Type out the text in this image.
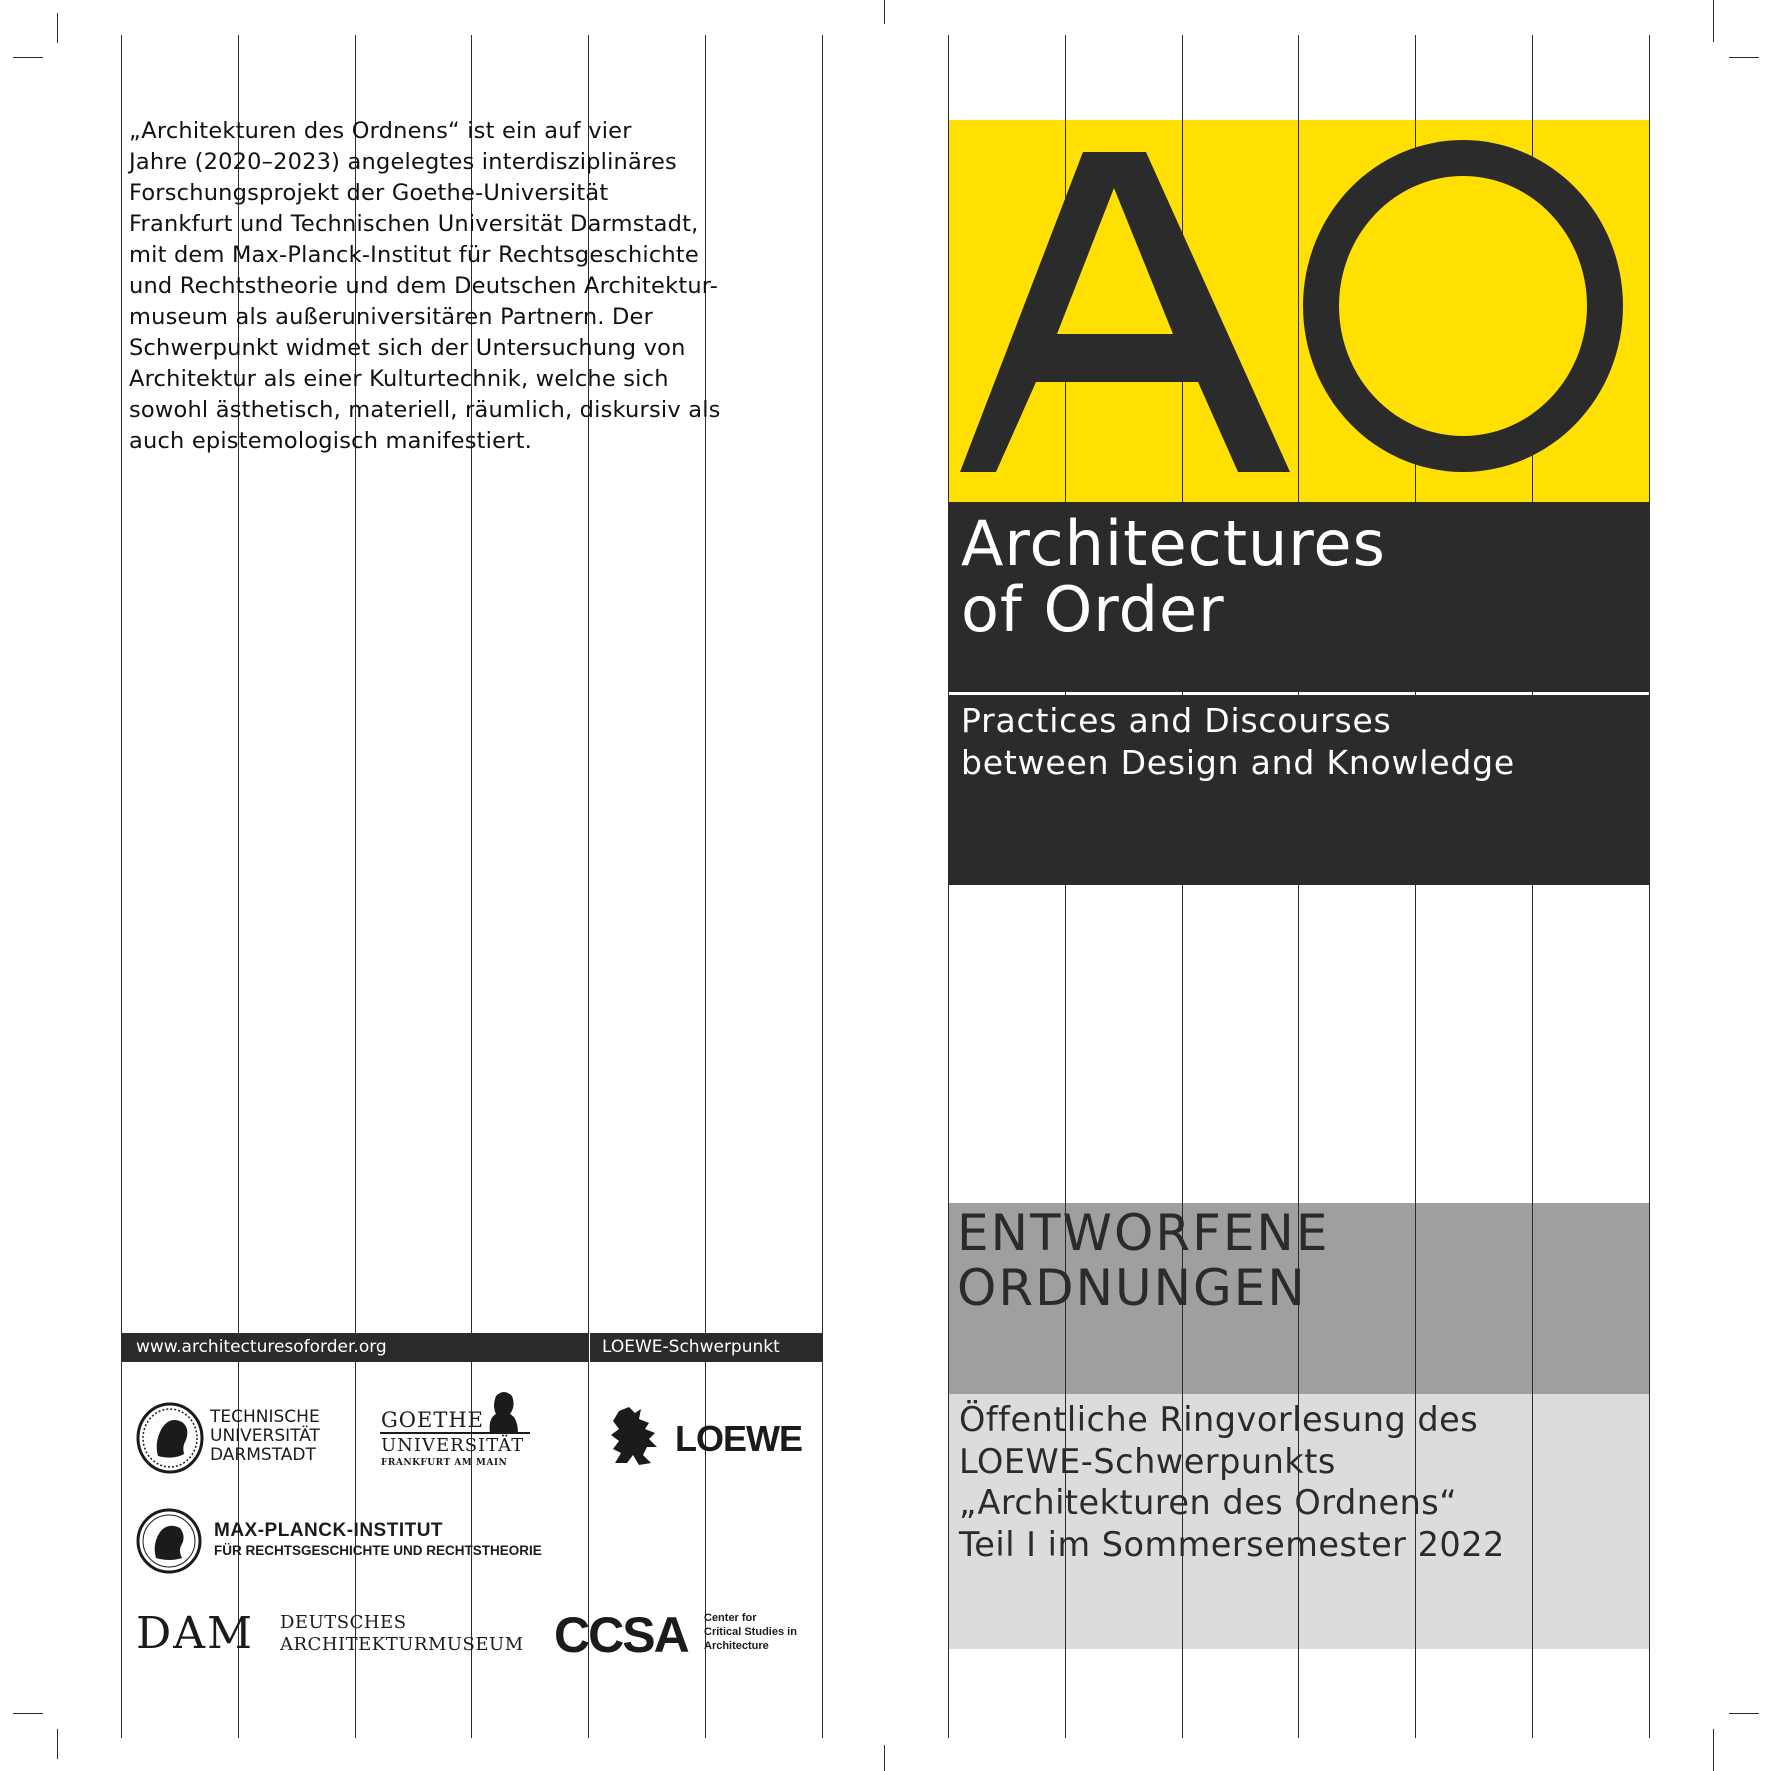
„Architekturen des Ordnens“ ist ein auf vier
Jahre (2020–2023) angelegtes interdisziplinäres
Forschungsprojekt der Goethe-Universität
Frankfurt und Technischen Universität Darmstadt,
mit dem Max-Planck-Institut für Rechtsgeschichte
und Rechtstheorie und dem Deutschen Architektur-
museum als außeruniversitären Partnern. Der
Schwerpunkt widmet sich der Untersuchung von
Architektur als einer Kulturtechnik, welche sich
sowohl ästhetisch, materiell, räumlich, diskursiv als
auch epistemologisch manifestiert.
www.architecturesoforder.org	LOEWE-Schwerpunkt
TECHNISCHE
UNIVERSITÄT
DARMSTADT
GOETHE
UNIVERSITÄT
FRANKFURT AM MAIN
LOEWE
MAX-PLANCK-INSTITUT
FÜR RECHTSGESCHICHTE UND RECHTSTHEORIE
DAM DEUTSCHES
ARCHITEKTURMUSEUM CCSA Center for
Critical Studies in
Architecture
Architectures
of Order
Practices and Discourses
between Design and Knowledge
ENTWORFENE
ORDNUNGEN
Öffentliche Ringvorlesung des
LOEWE-Schwerpunkts
„Architekturen des Ordnens“
Teil I im Sommersemester 2022
